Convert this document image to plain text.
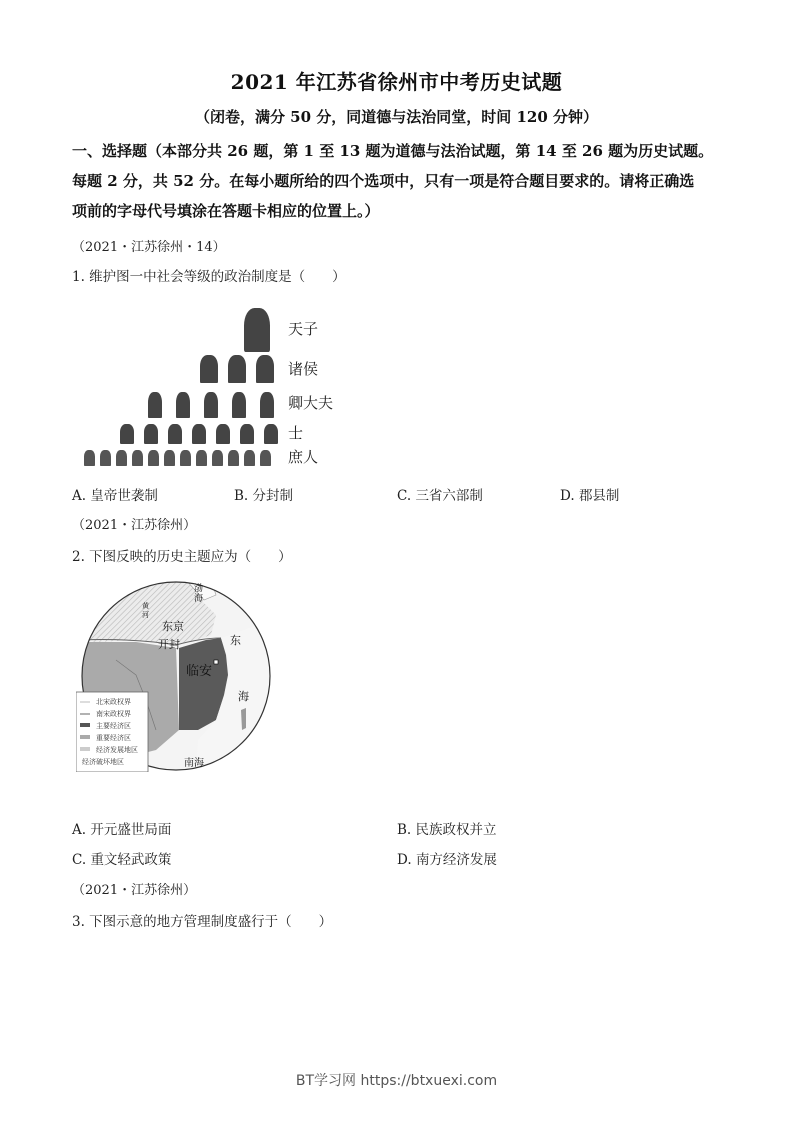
2021 年江苏省徐州市中考历史试题
（闭卷，满分 50 分，同道德与法治同堂，时间 120 分钟）
一、选择题（本部分共 26 题，第 1 至 13 题为道德与法治试题，第 14 至 26 题为历史试题。
每题 2 分，共 52 分。在每小题所给的四个选项中，只有一项是符合题目要求的。请将正确选
项前的字母代号填涂在答题卡相应的位置上。）
（2021・江苏徐州・14）
1. 维护图一中社会等级的政治制度是（　　）
天子
诸侯
卿大夫
士
庶人
A. 皇帝世袭制	B. 分封制	C. 三省六部制	D. 郡县制
（2021・江苏徐州）
2. 下图反映的历史主题应为（　　）
渤海
黄河
东京
开封	东
海
临安
南海
北宋政权界
南宋政权界
主要经济区
重要经济区
经济发展地区
经济破坏地区
A. 开元盛世局面	B. 民族政权并立
C. 重文轻武政策	D. 南方经济发展
（2021・江苏徐州）
3. 下图示意的地方管理制度盛行于（　　）
BT学习网 https://btxuexi.com
